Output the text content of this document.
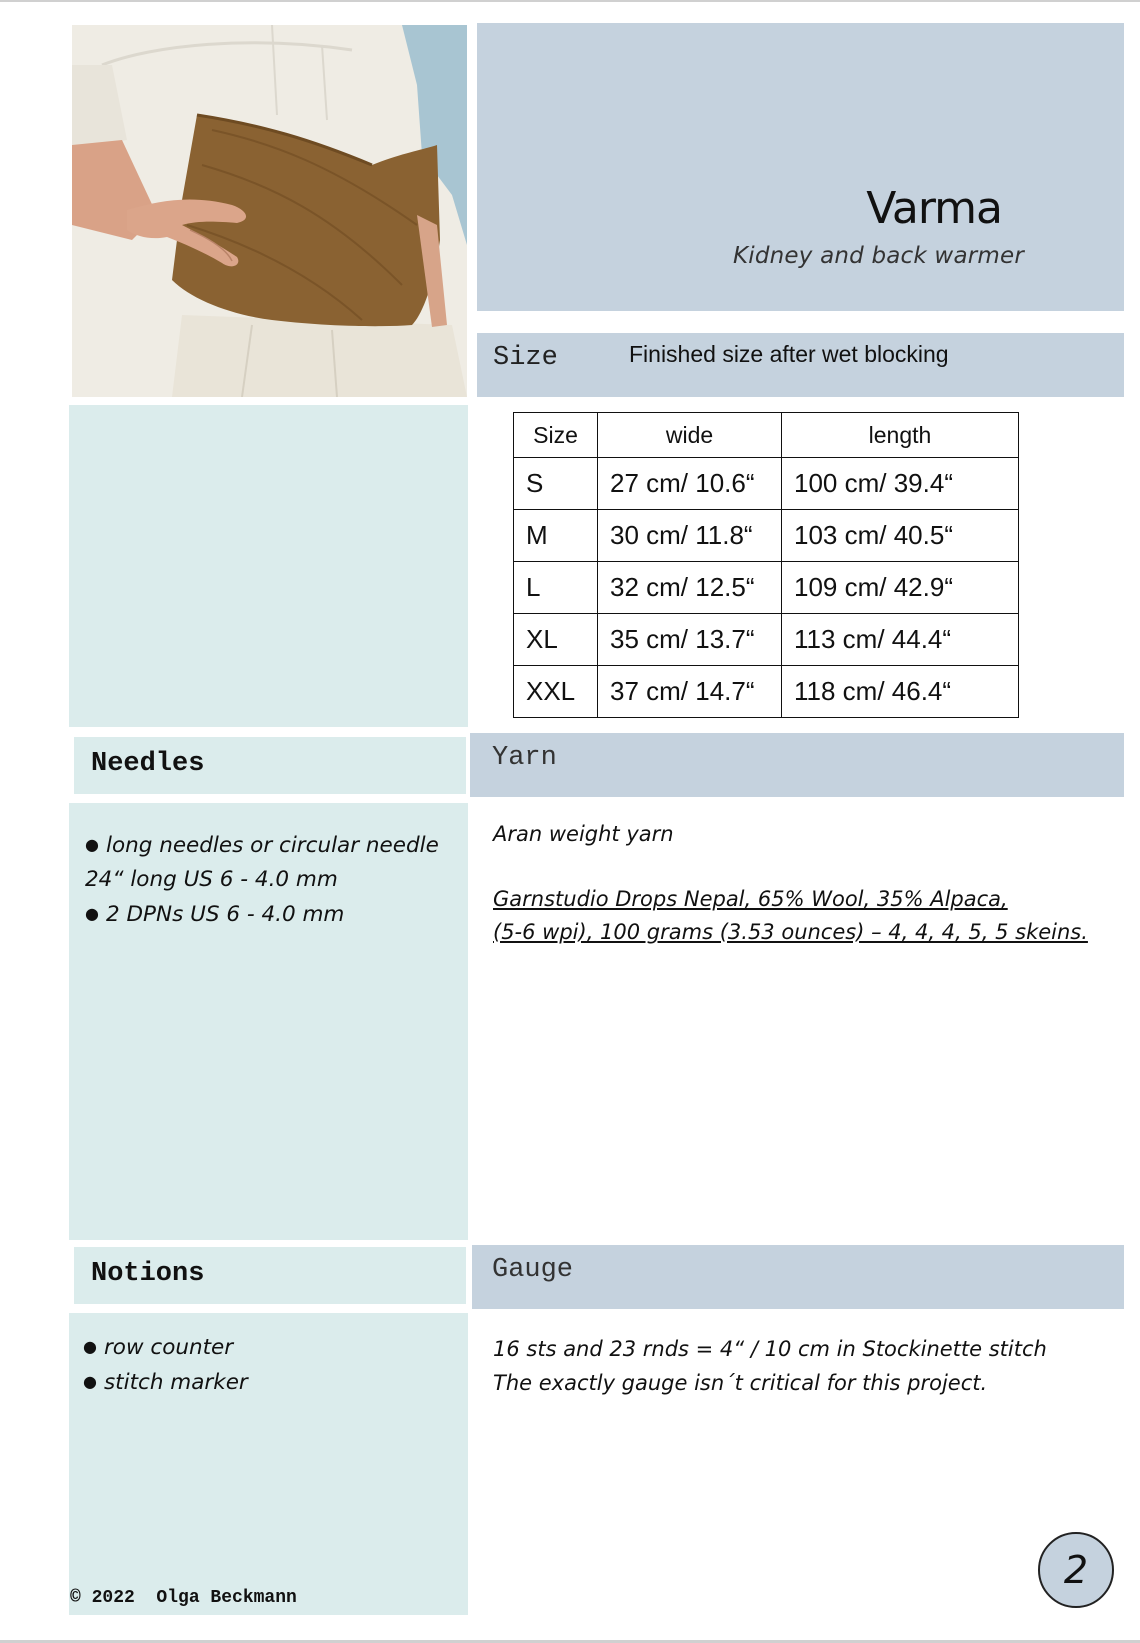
Varma
Kidney and back warmer
Size	Finished size after wet blocking
Size	wide	length
S	27 cm/ 10.6“	100 cm/ 39.4“
M	30 cm/ 11.8“	103 cm/ 40.5“
L	32 cm/ 12.5“	109 cm/ 42.9“
XL	35 cm/ 13.7“	113 cm/ 44.4“
XXL	37 cm/ 14.7“	118 cm/ 46.4“
Needles	Yarn
● long needles or circular needle
24“ long US 6 - 4.0 mm
● 2 DPNs US 6 - 4.0 mm
Aran weight yarn
Garnstudio Drops Nepal, 65% Wool, 35% Alpaca,
(5-6 wpi), 100 grams (3.53 ounces) – 4, 4, 4, 5, 5 skeins.
Notions	Gauge
● row counter
● stitch marker
16 sts and 23 rnds = 4“ / 10 cm in Stockinette stitch
The exactly gauge isn´t critical for this project.
© 2022  Olga Beckmann
2
